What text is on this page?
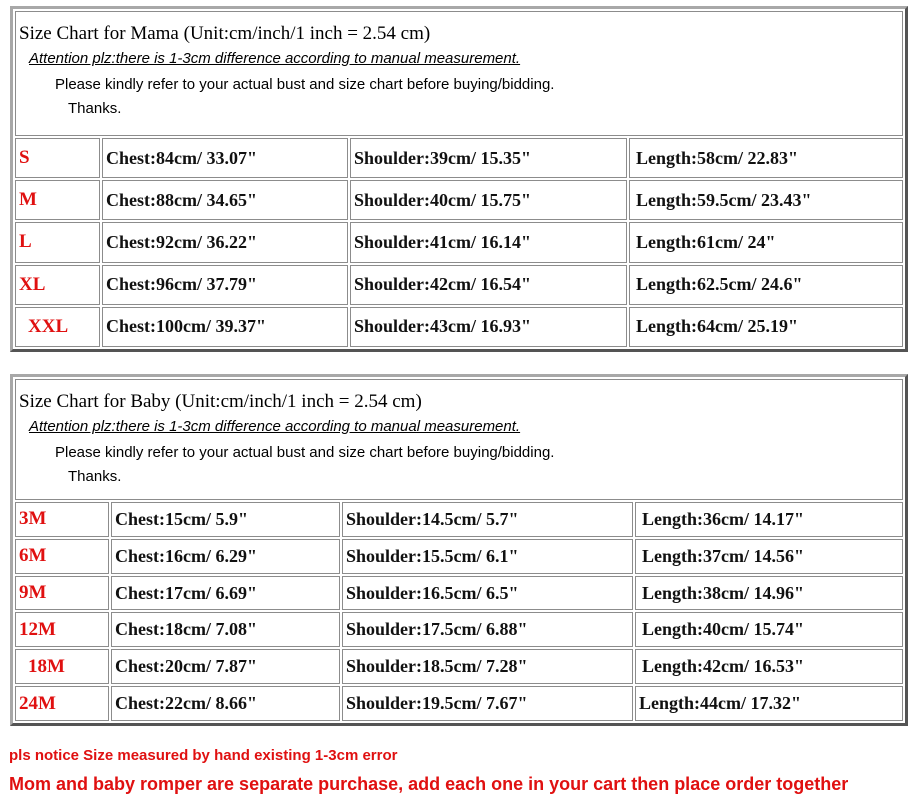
Size Chart for Mama (Unit:cm/inch/1 inch = 2.54 cm)
Attention plz:there is 1-3cm difference according to manual measurement.
Please kindly refer to your actual bust and size chart before buying/bidding.
Thanks.			

S	Chest:84cm/ 33.07"	Shoulder:39cm/ 15.35"	Length:58cm/ 22.83"
M	Chest:88cm/ 34.65"	Shoulder:40cm/ 15.75"	Length:59.5cm/ 23.43"
L	Chest:92cm/ 36.22"	Shoulder:41cm/ 16.14"	Length:61cm/ 24"
XL	Chest:96cm/ 37.79"	Shoulder:42cm/ 16.54"	Length:62.5cm/ 24.6"
XXL	Chest:100cm/ 39.37"	Shoulder:43cm/ 16.93"	Length:64cm/ 25.19"
Size Chart for Baby (Unit:cm/inch/1 inch = 2.54 cm)
Attention plz:there is 1-3cm difference according to manual measurement.
Please kindly refer to your actual bust and size chart before buying/bidding.
Thanks.			

3M	Chest:15cm/ 5.9"	Shoulder:14.5cm/ 5.7"	Length:36cm/ 14.17"
6M	Chest:16cm/ 6.29"	Shoulder:15.5cm/ 6.1"	Length:37cm/ 14.56"
9M	Chest:17cm/ 6.69"	Shoulder:16.5cm/ 6.5"	Length:38cm/ 14.96"
12M	Chest:18cm/ 7.08"	Shoulder:17.5cm/ 6.88"	Length:40cm/ 15.74"
18M	Chest:20cm/ 7.87"	Shoulder:18.5cm/ 7.28"	Length:42cm/ 16.53"
24M	Chest:22cm/ 8.66"	Shoulder:19.5cm/ 7.67"	Length:44cm/ 17.32"
pls notice Size measured by hand existing 1-3cm error
Mom and baby romper are separate purchase, add each one in your cart then place order together
